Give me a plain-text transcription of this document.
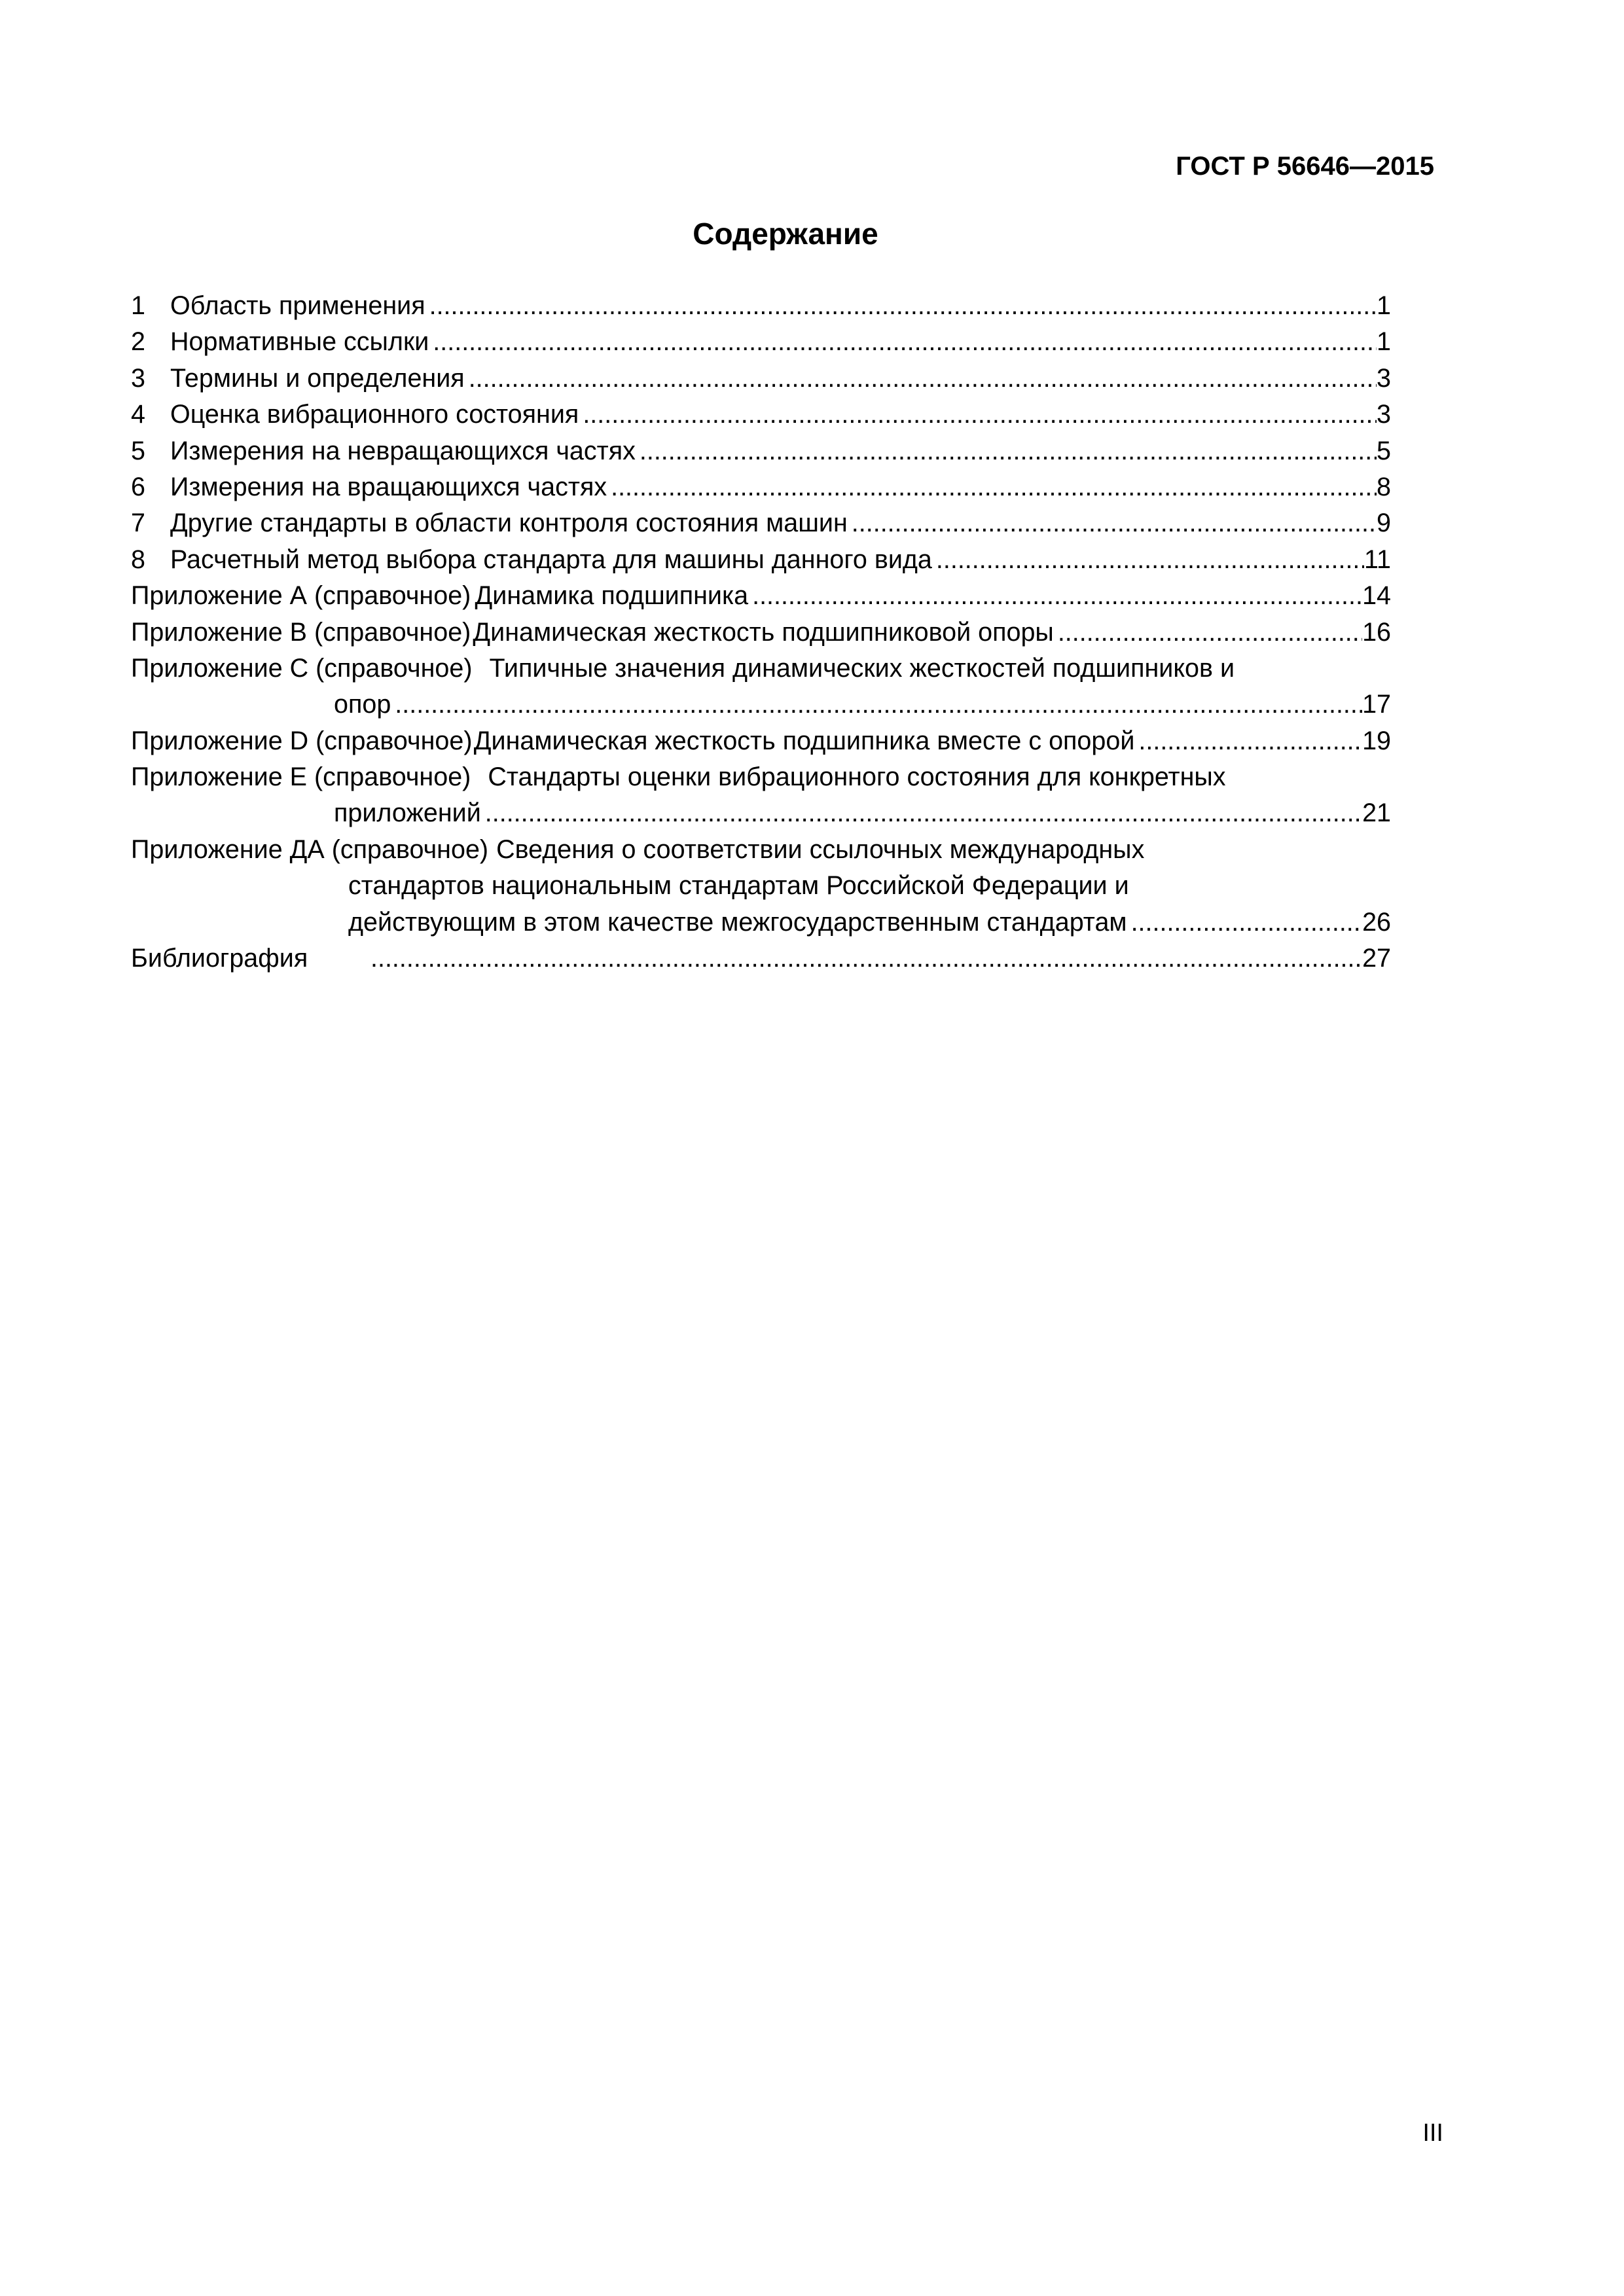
ГОСТ Р 56646—2015
Содержание
1 Область применения .....	1
2 Нормативные ссылки .....	1
3 Термины и определения .....	3
4 Оценка вибрационного состояния .....	3
5 Измерения на невращающихся частях .....	5
6 Измерения на вращающихся частях .....	8
7 Другие стандарты в области контроля состояния машин .....	9
8 Расчетный метод выбора стандарта для машины данного вида .....	11
Приложение А (справочное) Динамика подшипника .....	14
Приложение В (справочное) Динамическая жесткость подшипниковой опоры .....	16
Приложение С (справочное) Типичные значения динамических жесткостей подшипников и
опор .....	17
Приложение D (справочное) Динамическая жесткость подшипника вместе с опорой .....	19
Приложение Е (справочное) Стандарты оценки вибрационного состояния для конкретных
приложений .....	21
Приложение ДА (справочное) Сведения о соответствии ссылочных международных
стандартов национальным стандартам Российской Федерации и
действующим в этом качестве межгосударственным стандартам .....	26
Библиография .....	27
III
